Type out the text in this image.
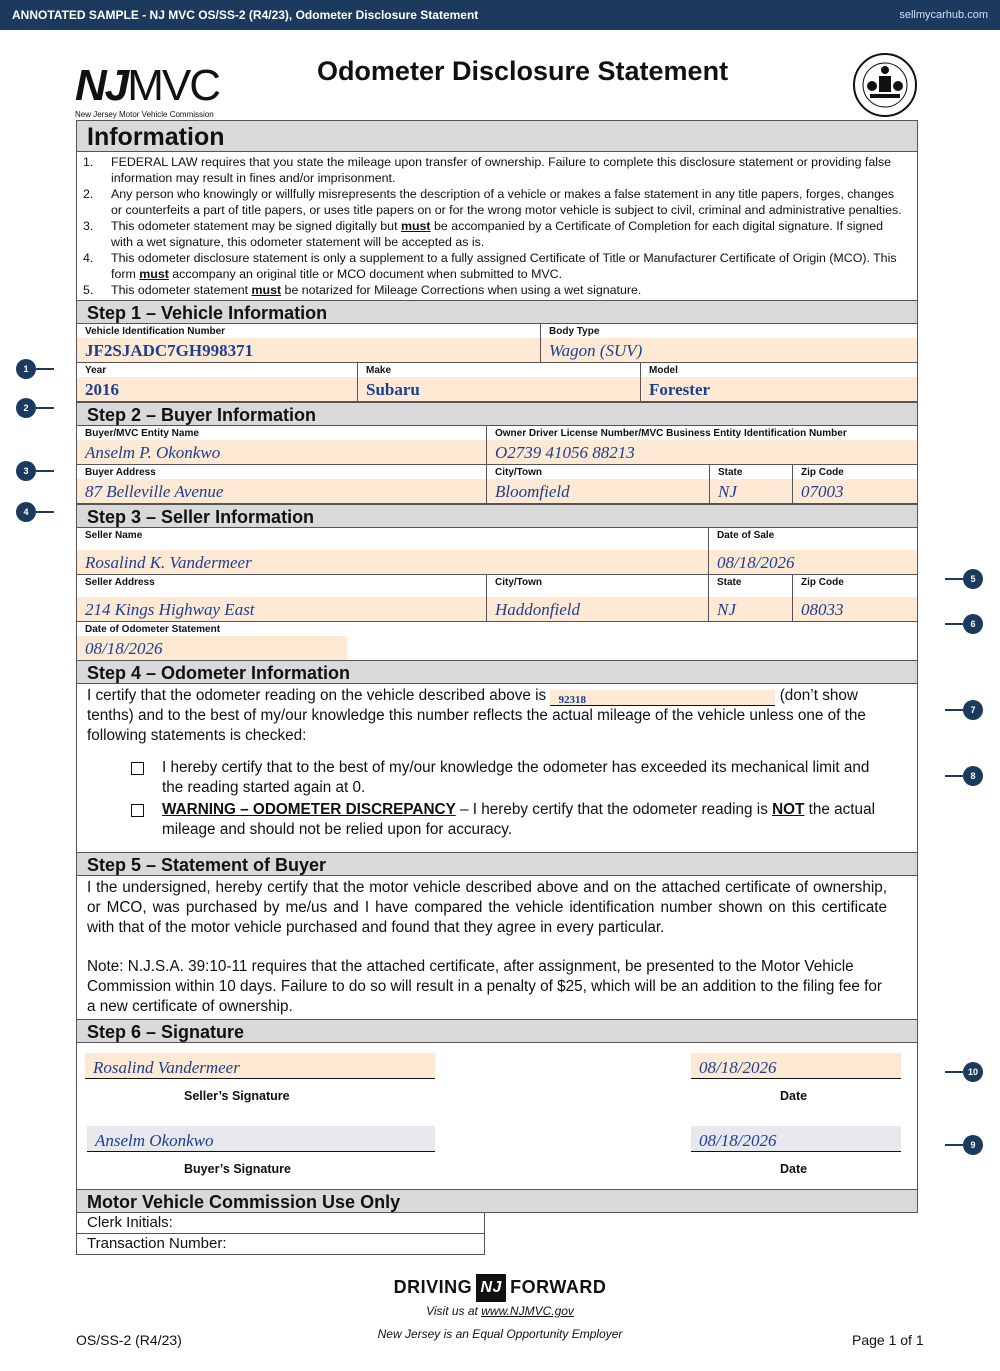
ANNOTATED SAMPLE - NJ MVC OS/SS-2 (R4/23), Odometer Disclosure Statement	sellmycarhub.com
NJMVC
New Jersey Motor Vehicle Commission
Odometer Disclosure Statement
Information
1.	FEDERAL LAW requires that you state the mileage upon transfer of ownership. Failure to complete this disclosure statement or providing false information may result in fines and/or imprisonment.
2.	Any person who knowingly or willfully misrepresents the description of a vehicle or makes a false statement in any title papers, forges, changes or counterfeits a part of title papers, or uses title papers on or for the wrong motor vehicle is subject to civil, criminal and administrative penalties.
3.	This odometer statement may be signed digitally but must be accompanied by a Certificate of Completion for each digital signature. If signed with a wet signature, this odometer statement will be accepted as is.
4.	This odometer disclosure statement is only a supplement to a fully assigned Certificate of Title or Manufacturer Certificate of Origin (MCO). This form must accompany an original title or MCO document when submitted to MVC.
5.	This odometer statement must be notarized for Mileage Corrections when using a wet signature.
Step 1 – Vehicle Information
Vehicle Identification Number
JF2SJADC7GH998371
Body Type
Wagon (SUV)
Year
2016
Make
Subaru
Model
Forester
Step 2 – Buyer Information
Buyer/MVC Entity Name
Anselm P. Okonkwo
Owner Driver License Number/MVC Business Entity Identification Number
O2739 41056 88213
Buyer Address
87 Belleville Avenue
City/Town
Bloomfield
State
NJ
Zip Code
07003
Step 3 – Seller Information
Seller Name
Rosalind K. Vandermeer
Date of Sale
08/18/2026
Seller Address
214 Kings Highway East
City/Town
Haddonfield
State
NJ
Zip Code
08033
Date of Odometer Statement
08/18/2026
Step 4 – Odometer Information
I certify that the odometer reading on the vehicle described above is 92318	(don’t show tenths) and to the best of my/our knowledge this number reflects the actual mileage of the vehicle unless one of the following statements is checked:
I hereby certify that to the best of my/our knowledge the odometer has exceeded its mechanical limit and the reading started again at 0.
WARNING – ODOMETER DISCREPANCY – I hereby certify that the odometer reading is NOT the actual mileage and should not be relied upon for accuracy.
Step 5 – Statement of Buyer
I the undersigned, hereby certify that the motor vehicle described above and on the attached certificate of ownership, or MCO, was purchased by me/us and I have compared the vehicle identification number shown on this certificate with that of the motor vehicle purchased and found that they agree in every particular.
Note: N.J.S.A. 39:10-11 requires that the attached certificate, after assignment, be presented to the Motor Vehicle Commission within 10 days. Failure to do so will result in a penalty of $25, which will be an addition to the filing fee for a new certificate of ownership.
Step 6 – Signature
Rosalind Vandermeer
Seller’s Signature
08/18/2026
Date
Anselm Okonkwo
Buyer’s Signature
08/18/2026
Date
Motor Vehicle Commission Use Only
Clerk Initials:
Transaction Number:
1
2
3
4
5
6
7
8
10
9
DRIVING NJ FORWARD
Visit us at www.NJMVC.gov
New Jersey is an Equal Opportunity Employer
OS/SS-2 (R4/23)	Page 1 of 1
